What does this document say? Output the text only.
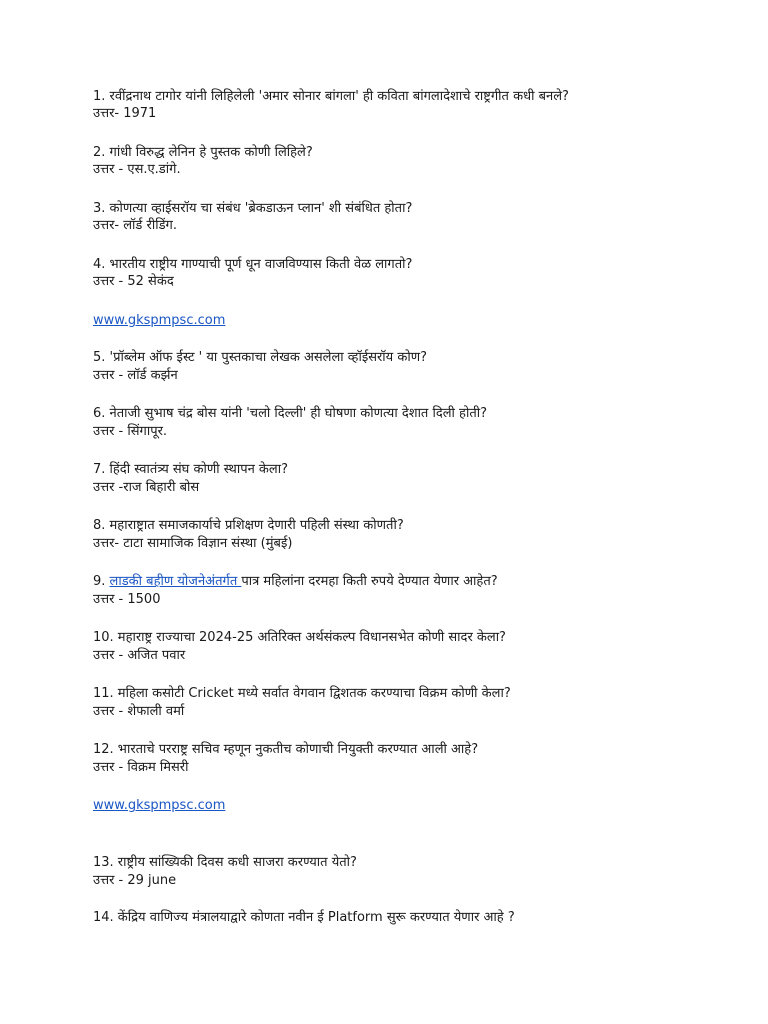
1. रवींद्रनाथ टागोर यांनी लिहिलेली 'अमार सोनार बांगला' ही कविता बांगलादेशाचे राष्ट्रगीत कधी बनले?
उत्तर- 1971
2. गांधी विरुद्ध लेनिन हे पुस्तक कोणी लिहिले?
उत्तर - एस.ए.डांगे.
3. कोणत्या व्हाईसरॉय चा संबंध 'ब्रेकडाऊन प्लान' शी संबंधित होता?
उत्तर- लॉर्ड रीडिंग.
4. भारतीय राष्ट्रीय गाण्याची पूर्ण धून वाजविण्यास किती वेळ लागतो?
उत्तर - 52 सेकंद
www.gkspmpsc.com
5. 'प्रॉब्लेम ऑफ ईस्ट ' या पुस्तकाचा लेखक असलेला व्हॉईसरॉय कोण?
उत्तर - लॉर्ड कर्झन
6. नेताजी सुभाष चंद्र बोस यांनी 'चलो दिल्ली' ही घोषणा कोणत्या देशात दिली होती?
उत्तर - सिंगापूर.
7. हिंदी स्वातंत्र्य संघ कोणी स्थापन केला?
उत्तर -राज बिहारी बोस
8. महाराष्ट्रात समाजकार्याचे प्रशिक्षण देणारी पहिली संस्था कोणती?
उत्तर- टाटा सामाजिक विज्ञान संस्था (मुंबई)
9. लाडकी बहीण योजनेअंतर्गत पात्र महिलांना दरमहा किती रुपये देण्यात येणार आहेत?
उत्तर - 1500
10. महाराष्ट्र राज्याचा 2024-25 अतिरिक्त अर्थसंकल्प विधानसभेत कोणी सादर केला?
उत्तर - अजित पवार
11. महिला कसोटी Cricket मध्ये सर्वात वेगवान द्विशतक करण्याचा विक्रम कोणी केला?
उत्तर - शेफाली वर्मा
12. भारताचे परराष्ट्र सचिव म्हणून नुकतीच कोणाची नियुक्ती करण्यात आली आहे?
उत्तर - विक्रम मिसरी
www.gkspmpsc.com
13. राष्ट्रीय सांख्यिकी दिवस कधी साजरा करण्यात येतो?
उत्तर - 29 june
14. केंद्रिय वाणिज्य मंत्रालयाद्वारे कोणता नवीन ई Platform सुरू करण्यात येणार आहे ?
